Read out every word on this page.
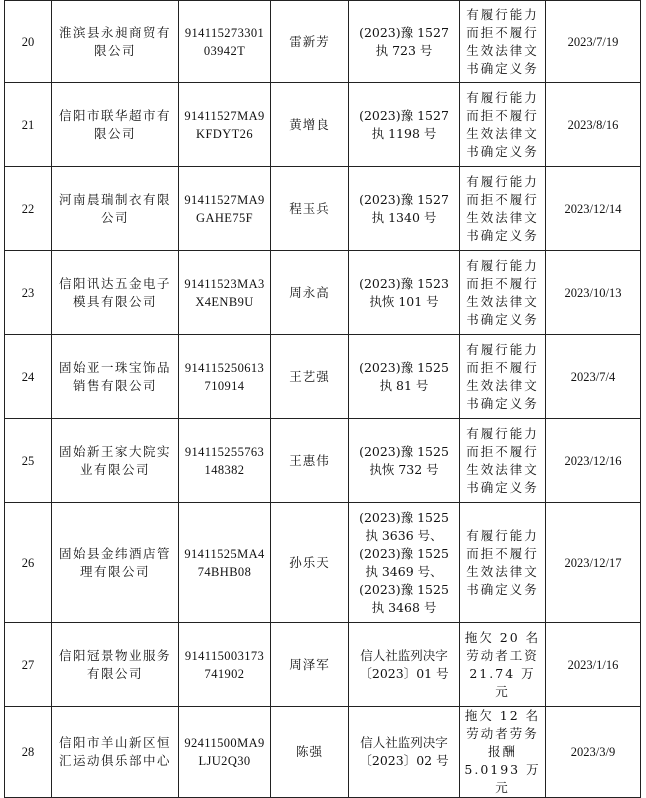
20	淮滨县永昶商贸有限公司	91411527330103942T	雷新芳	(2023)豫 1527 执 723 号	有履行能力而拒不履行生效法律文书确定义务	2023/7/19
21	信阳市联华超市有限公司	91411527MA9KFDYT26	黄增良	(2023)豫 1527 执 1198 号	有履行能力而拒不履行生效法律文书确定义务	2023/8/16
22	河南晨瑞制衣有限公司	91411527MA9GAHE75F	程玉兵	(2023)豫 1527 执 1340 号	有履行能力而拒不履行生效法律文书确定义务	2023/12/14
23	信阳讯达五金电子模具有限公司	91411523MA3X4ENB9U	周永高	(2023)豫 1523 执恢 101 号	有履行能力而拒不履行生效法律文书确定义务	2023/10/13
24	固始亚一珠宝饰品销售有限公司	914115250613710914	王艺强	(2023)豫 1525 执 81 号	有履行能力而拒不履行生效法律文书确定义务	2023/7/4
25	固始新王家大院实业有限公司	914115255763148382	王惠伟	(2023)豫 1525 执恢 732 号	有履行能力而拒不履行生效法律文书确定义务	2023/12/16
26	固始县金纬酒店管理有限公司	91411525MA474BHB08	孙乐天	(2023)豫 1525 执 3636 号、(2023)豫 1525 执 3469 号、(2023)豫 1525 执 3468 号	有履行能力而拒不履行生效法律文书确定义务	2023/12/17
27	信阳冠景物业服务有限公司	914115003173741902	周泽军	信人社监列决字〔2023〕01 号	拖欠 20 名劳动者工资 21.74 万元	2023/1/16
28	信阳市羊山新区恒汇运动俱乐部中心	92411500MA9LJU2Q30	陈强	信人社监列决字〔2023〕02 号	拖欠 12 名劳动者劳务报酬 5.0193 万元	2023/3/9
